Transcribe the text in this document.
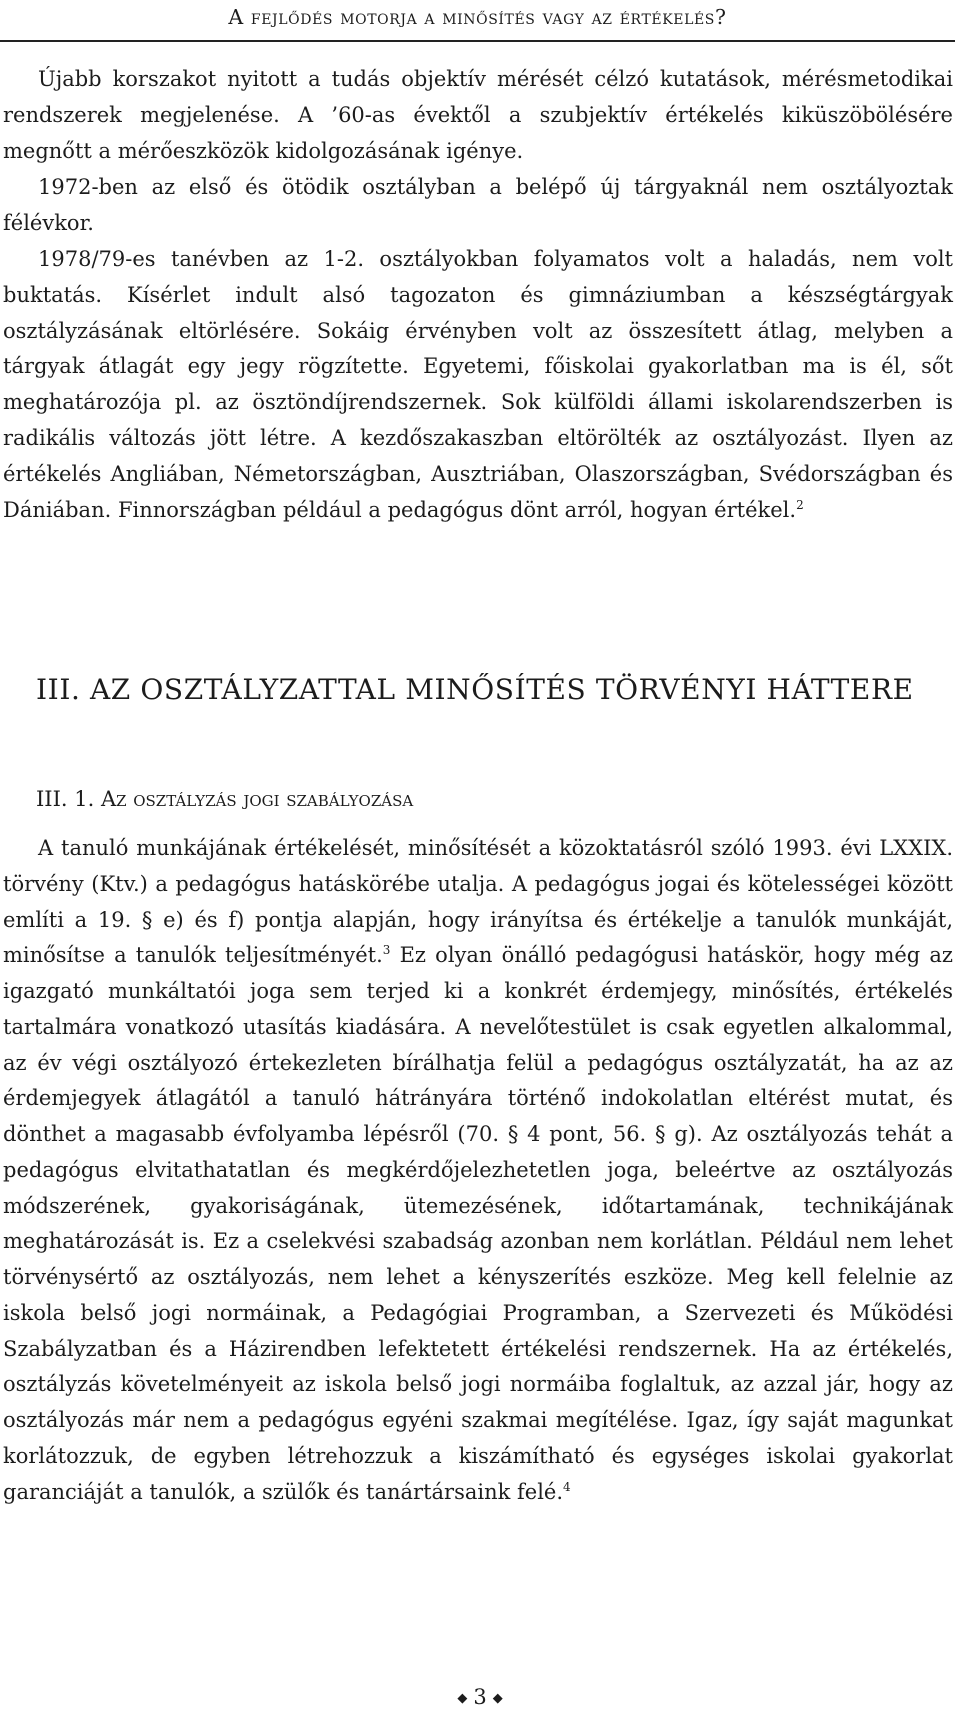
A fejlődés motorja a minősítés vagy az értékelés?

Újabb korszakot nyitott a tudás objektív mérését célzó kutatások, mérésmetodikai rendszerek megjelenése. A ’60-as évektől a szubjektív értékelés kiküszöbölésére megnőtt a mérőeszközök kidolgozásának igénye.

1972-ben az első és ötödik osztályban a belépő új tárgyaknál nem osztályoztak félévkor.

1978/79-es tanévben az 1-2. osztályokban folyamatos volt a haladás, nem volt buktatás. Kísérlet indult alsó tagozaton és gimnáziumban a készségtárgyak osztályzásának eltörlésére. Sokáig érvényben volt az összesített átlag, melyben a tárgyak átlagát egy jegy rögzítette. Egyetemi, főiskolai gyakorlatban ma is él, sőt meghatározója pl. az ösztöndíjrendszernek. Sok külföldi állami iskolarendszerben is radikális változás jött létre. A kezdőszakaszban eltörölték az osztályozást. Ilyen az értékelés Angliában, Németországban, Ausztriában, Olaszországban, Svédországban és Dániában. Finnországban például a pedagógus dönt arról, hogyan értékel.$^2$

III. AZ OSZTÁLYZATTAL MINŐSÍTÉS TÖRVÉNYI HÁTTERE
III. 1. Az osztályzás jogi szabályozása

A tanuló munkájának értékelését, minősítését a közoktatásról szóló 1993. évi LXXIX. törvény (Ktv.) a pedagógus hatáskörébe utalja. A pedagógus jogai és kötelességei között említi a 19. § e) és f) pontja alapján, hogy irányítsa és értékelje a tanulók munkáját, minősítse a tanulók teljesítményét.$^3$ Ez olyan önálló pedagógusi hatáskör, hogy még az igazgató munkáltatói joga sem terjed ki a konkrét érdemjegy, minősítés, értékelés tartalmára vonatkozó utasítás kiadására. A nevelőtestület is csak egyetlen alkalommal, az év végi osztályozó értekezleten bírálhatja felül a pedagógus osztályzatát, ha az az érdemjegyek átlagától a tanuló hátrányára történő indokolatlan eltérést mutat, és dönthet a magasabb évfolyamba lépésről (70. § 4 pont, 56. § g). Az osztályozás tehát a pedagógus elvitathatatlan és megkérdőjelezhetetlen joga, beleértve az osztályozás módszerének, gyakoriságának, ütemezésének, időtartamának, technikájának meghatározását is. Ez a cselekvési szabadság azonban nem korlátlan. Például nem lehet törvénysértő az osztályozás, nem lehet a kényszerítés eszköze. Meg kell felelnie az iskola belső jogi normáinak, a Pedagógiai Programban, a Szervezeti és Működési Szabályzatban és a Házirendben lefektetett értékelési rendszernek. Ha az értékelés, osztályzás követelményeit az iskola belső jogi normáiba foglaltuk, az azzal jár, hogy az osztályozás már nem a pedagógus egyéni szakmai megítélése. Igaz, így saját magunkat korlátozzuk, de egyben létrehozzuk a kiszámítható és egységes iskolai gyakorlat garanciáját a tanulók, a szülők és tanártársaink felé.$^4$

◆ 3 ◆
